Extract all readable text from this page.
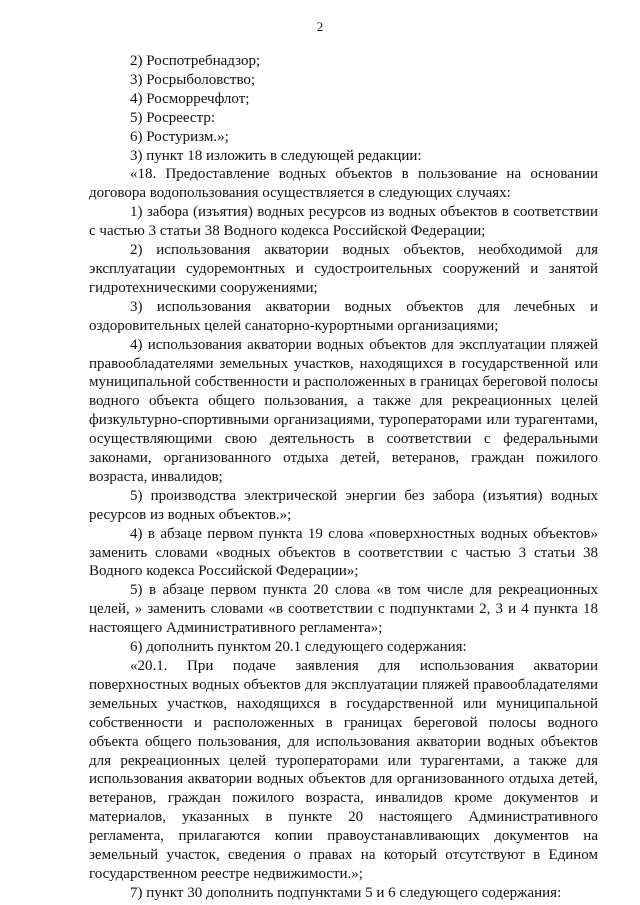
2

2) Роспотребнадзор;

3) Росрыболовство;

4) Росморречфлот;

5) Росреестр:

6) Ростуризм.»;

3) пункт 18 изложить в следующей редакции:

«18. Предоставление водных объектов в пользование на основании договора водопользования осуществляется в следующих случаях:

1) забора (изъятия) водных ресурсов из водных объектов в соответствии с частью 3 статьи 38 Водного кодекса Российской Федерации;

2) использования акватории водных объектов, необходимой для эксплуатации судоремонтных и судостроительных сооружений и занятой гидротехническими сооружениями;

3) использования акватории водных объектов для лечебных и оздоровительных целей санаторно-курортными организациями;

4) использования акватории водных объектов для эксплуатации пляжей правообладателями земельных участков, находящихся в государственной или муниципальной собственности и расположенных в границах береговой полосы водного объекта общего пользования, а также для рекреационных целей физкультурно-спортивными организациями, туроператорами или турагентами, осуществляющими свою деятельность в соответствии с федеральными законами, организованного отдыха детей, ветеранов, граждан пожилого возраста, инвалидов;

5) производства электрической энергии без забора (изъятия) водных ресурсов из водных объектов.»;

4) в абзаце первом пункта 19 слова «поверхностных водных объектов» заменить словами «водных объектов в соответствии с частью 3 статьи 38 Водного кодекса Российской Федерации»;

5) в абзаце первом пункта 20 слова «в том числе для рекреационных целей, » заменить словами «в соответствии с подпунктами 2, 3 и 4 пункта 18 настоящего Административного регламента»;

6) дополнить пунктом 20.1 следующего содержания:

«20.1. При подаче заявления для использования акватории поверхностных водных объектов для эксплуатации пляжей правообладателями земельных участков, находящихся в государственной или муниципальной собственности и расположенных в границах береговой полосы водного объекта общего пользования, для использования акватории водных объектов для рекреационных целей туроператорами или турагентами, а также для использования акватории водных объектов для организованного отдыха детей, ветеранов, граждан пожилого возраста, инвалидов кроме документов и материалов, указанных в пункте 20 настоящего Административного регламента, прилагаются копии правоустанавливающих документов на земельный участок, сведения о правах на который отсутствуют в Едином государственном реестре недвижимости.»;

7) пункт 30 дополнить подпунктами 5 и 6 следующего содержания:
